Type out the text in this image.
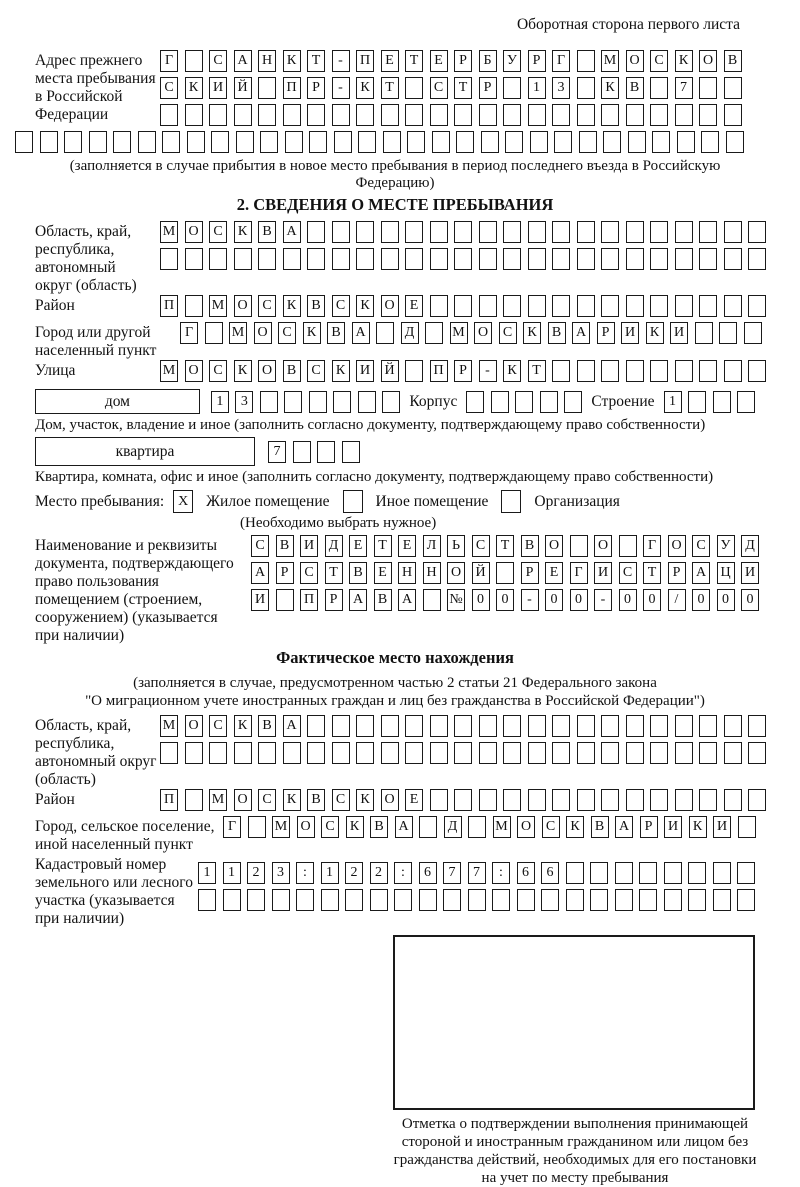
Оборотная сторона первого листа
Адрес прежнего
места пребывания
в Российской
Федерации
Г	С	А Н	К	Т	-	П	Е	Т	Е	Р	Б	У	Р	Г	М О	С	К	О	В
С	К	И Й	П	Р	-	К	Т	С	Т	Р	1	3	К	В	7
(заполняется в случае прибытия в новое место пребывания в период последнего въезда в Российскую Федерацию)
2. СВЕДЕНИЯ О МЕСТЕ ПРЕБЫВАНИЯ
Область, край,
республика,
автономный
округ (область)
М О	С	К	В	А
Район	П	М О	С	К	В	С	К	О	Е
Город или другой
населенный пункт
Г	М О	С	К	В	А	Д	М О	С	К	В	А	Р	И	К	И
Улица	М О	С	К	О	В	С	К	И Й	П	Р	-	К	Т
дом	1	3	Корпус	Строение	1
Дом, участок, владение и иное (заполнить согласно документу, подтверждающему право собственности)
квартира	7
Квартира, комната, офис и иное (заполнить согласно документу, подтверждающему право собственности)
Место пребывания: X	Жилое помещение	Иное помещение	Организация
(Необходимо выбрать нужное)
Наименование и реквизиты
документа, подтверждающего
право пользования
помещением (строением,
сооружением) (указывается
при наличии)
С	В	И	Д	Е	Т	Е	Л	Ь	С	Т	В	О	О	Г	О	С	У	Д
А	Р	С	Т	В	Е	Н Н О Й	Р	Е	Г	И	С	Т	Р	А Ц И
И	П	Р	А	В	А	№	0	0	-	0	0	-	0	0	/	0	0	0
Фактическое место нахождения
(заполняется в случае, предусмотренном частью 2 статьи 21 Федерального закона
"О миграционном учете иностранных граждан и лиц без гражданства в Российской Федерации")
Область, край,
республика,
автономный округ
(область)
М О	С	К	В	А
Район	П	М О	С	К	В	С	К	О	Е
Город, сельское поселение,
иной населенный пункт
Г	М О	С	К	В	А	Д	М О	С	К	В	А	Р	И	К	И
Кадастровый номер
земельного или лесного
участка (указывается
при наличии)
1	1	2	3	:	1	2	2	:	6	7	7	:	6	6
Отметка о подтверждении выполнения принимающей
стороной и иностранным гражданином или лицом без
гражданства действий, необходимых для его постановки
на учет по месту пребывания
